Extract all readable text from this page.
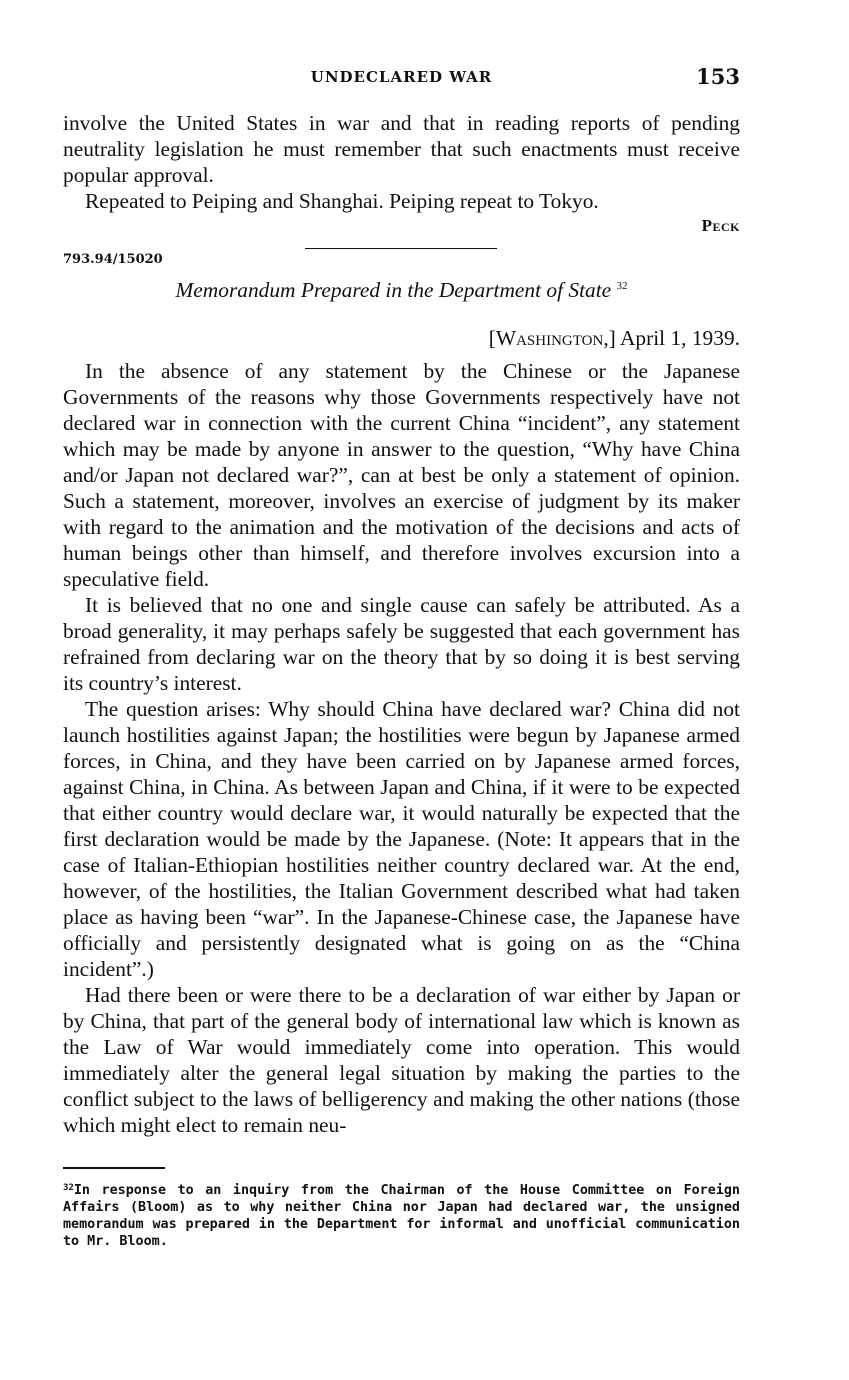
UNDECLARED WAR	153

involve the United States in war and that in reading reports of pending neutrality legislation he must remember that such enactments must receive popular approval.

Repeated to Peiping and Shanghai. Peiping repeat to Tokyo.

Peck
793.94/15020
Memorandum Prepared in the Department of State $^{32}$
[Washington,] April 1, 1939.

In the absence of any statement by the Chinese or the Japanese Governments of the reasons why those Governments respectively have not declared war in connection with the current China “incident”, any statement which may be made by anyone in answer to the question, “Why have China and/or Japan not declared war?”, can at best be only a statement of opinion. Such a statement, moreover, involves an exercise of judgment by its maker with regard to the animation and the motivation of the decisions and acts of human beings other than himself, and therefore involves excursion into a speculative field.

It is believed that no one and single cause can safely be attributed. As a broad generality, it may perhaps safely be suggested that each government has refrained from declaring war on the theory that by so doing it is best serving its country’s interest.

The question arises: Why should China have declared war? China did not launch hostilities against Japan; the hostilities were begun by Japanese armed forces, in China, and they have been carried on by Japanese armed forces, against China, in China. As between Japan and China, if it were to be expected that either country would declare war, it would naturally be expected that the first declaration would be made by the Japanese. (Note: It appears that in the case of Italian-Ethiopian hostilities neither country declared war. At the end, however, of the hostilities, the Italian Government described what had taken place as having been “war”. In the Japanese-Chinese case, the Japanese have officially and persistently designated what is going on as the “China incident”.)

Had there been or were there to be a declaration of war either by Japan or by China, that part of the general body of international law which is known as the Law of War would immediately come into operation. This would immediately alter the general legal situation by making the parties to the conflict subject to the laws of belligerency and making the other nations (those which might elect to remain neu-

$^{32}$In response to an inquiry from the Chairman of the House Committee on Foreign Affairs (Bloom) as to why neither China nor Japan had declared war, the unsigned memorandum was prepared in the Department for informal and unofficial communication to Mr. Bloom.
